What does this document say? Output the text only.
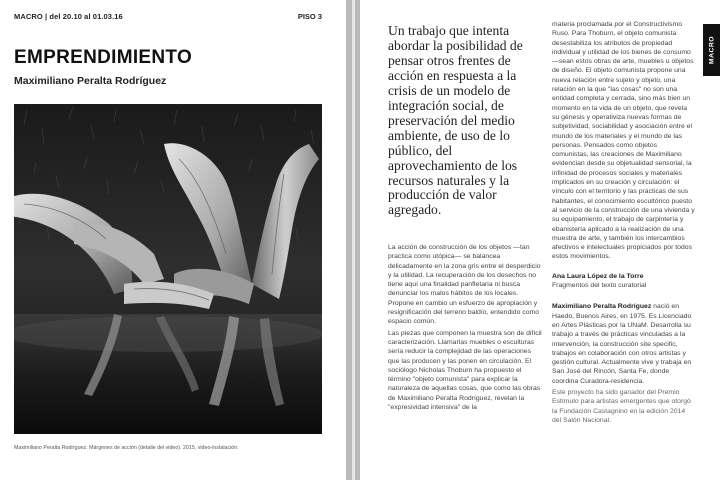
MACRO | del 20.10 al 01.03.16	PISO 3
EMPRENDIMIENTO
Maximiliano Peralta Rodríguez
Maximiliano Peralta Rodríguez. Márgenes de acción (detalle del video). 2015, video-instalación.
Un trabajo que intenta abordar la posibilidad de pensar otros frentes de acción en respuesta a la crisis de un modelo de integración social, de preservación del medio ambiente, de uso de lo público, del aprovechamiento de los recursos naturales y la producción de valor agregado.

La acción de construcción de los objetos —tan practica como utópica— se balancea delicadamente en la zona gris entre el desperdicio y la utilidad. La recuperación de los desechos no tiene aquí una finalidad panfletaria ni busca denunciar los malos hábitos de los locales. Propone en cambio un esfuerzo de apropiación y resignificación del terreno baldío, entendido como espacio común.

Las piezas que componen la muestra son de difícil caracterización. Llamarlas muebles o esculturas sería reducir la complejidad de las operaciones que las producen y las ponen en circulación. El sociólogo Nicholas Thoburn ha propuesto el término "objeto comunista" para explicar la naturaleza de aquellas cosas, que como las obras de Maximiliano Peralta Rodríguez, revelan la "expresividad intensiva" de la

materia proclamada por el Constructivismo Ruso. Para Thoburn, el objeto comunista desestabiliza los atributos de propiedad individual y utilidad de los bienes de consumo —sean estos obras de arte, muebles u objetos de diseño. El objeto comunista propone una nueva relación entre sujeto y objeto, una relación en la que "las cosas" no son una entidad completa y cerrada, sino más bien un momento en la vida de un objeto, que revela su génesis y operativiza nuevas formas de subjetividad, sociabilidad y asociación entre el mundo de los materiales y el mundo de las personas. Pensados como objetos comunistas, las creaciones de Maximiliano evidencian desde su objetualidad sensorial, la infinidad de procesos sociales y materiales implicados en su creación y circulación: el vínculo con el territorio y las prácticas de sus habitantes, el conocimiento escultórico puesto al servicio de la construcción de una vivienda y su equipamiento, el trabajo de carpintería y ebanistería aplicado a la realización de una muestra de arte, y también los intercambios afectivos e intelectuales propiciados por todos estos movimientos.

Ana Laura López de la Torre
Fragmentos del texto curatorial

Maximiliano Peralta Rodríguez nació en Haedo, Buenos Aires, en 1975. Es Licenciado en Artes Plásticas por la UNaM. Desarrolla su trabajo a través de prácticas vinculadas a la intervención, la construcción site specific, trabajos en colaboración con otros artistas y gestión cultural. Actualmente vive y trabaja en San José del Rincón, Santa Fe, donde coordina Curadora-residencia.

Este proyecto ha sido ganador del Premio Estímulo para artistas emergentes que otorgó la Fundación Castagnino en la edición 2014 del Salón Nacional.

MACRO
